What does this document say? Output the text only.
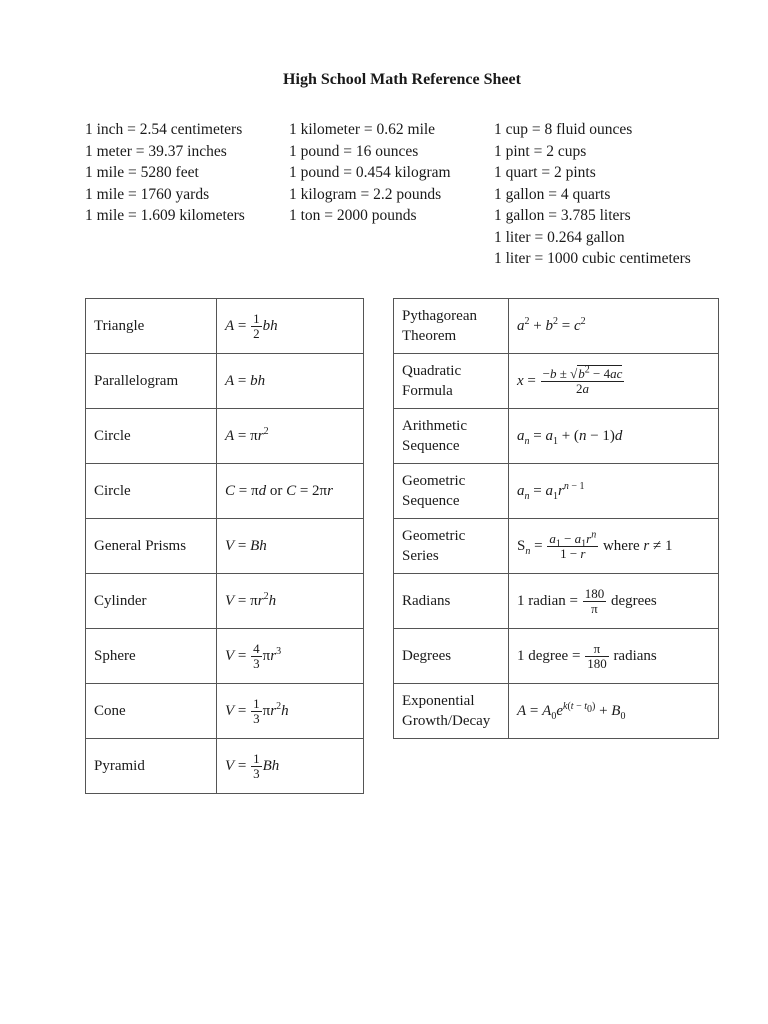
High School Math Reference Sheet
1 inch = 2.54 centimeters
1 meter = 39.37 inches
1 mile = 5280 feet
1 mile = 1760 yards
1 mile = 1.609 kilometers
1 kilometer = 0.62 mile
1 pound = 16 ounces
1 pound = 0.454 kilogram
1 kilogram = 2.2 pounds
1 ton = 2000 pounds
1 cup = 8 fluid ounces
1 pint = 2 cups
1 quart = 2 pints
1 gallon = 4 quarts
1 gallon = 3.785 liters
1 liter = 0.264 gallon
1 liter = 1000 cubic centimeters
Triangle	$A = \frac{1}{2}$ bh
Parallelogram	A = bh
Circle	$A = \pi r^2$
Circle	C = πd or C = 2πr
General Prisms	V = Bh
Cylinder	$V = \pi r^2h$
Sphere	$V = \frac{4}{3} \pi r^3$
Cone	$V = \frac{1}{3} \pi r^2h$
Pyramid	$V = \frac{1}{3}$ Bh
Pythagorean
Theorem	$a^2 + b^2 = c^2$
Quadratic
Formula	$x = \frac{-b \pm √b^2 - 4ac}{2a}$

Arithmetic
Sequence	$a_n = a_1 + (n - 1)d$
Geometric
Sequence	$a_n = a_1r^{n - 1}$
Geometric
Series	$S_n = \frac{a_1 - a_1r^n}{1 - r}$ where r ≠ 1
Radians	1 radian = $\frac{180}{\pi}$ degrees
Degrees	1 degree = $\frac{\pi}{180}$ radians
Exponential
Growth/Decay	$A = A_0e^{k(t - t_0)} + B_0$
